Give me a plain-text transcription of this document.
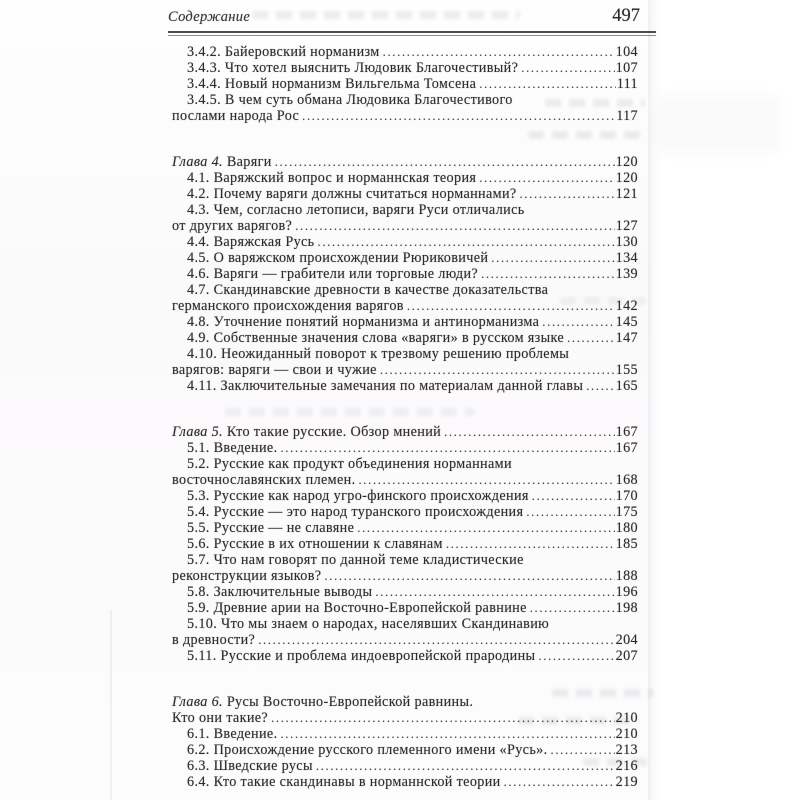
Содержание	497
3.4.2. Байеровский норманизм .....	104
3.4.3. Что хотел выяснить Людовик Благочестивый? .....	107
3.4.4. Новый норманизм Вильгельма Томсена .....	111
3.4.5. В чем суть обмана Людовика Благочестивого
послами народа Рос .....	117
Глава 4. Варяги .....	120
4.1. Варяжский вопрос и норманнская теория .....	120
4.2. Почему варяги должны считаться норманнами? .....	121
4.3. Чем, согласно летописи, варяги Руси отличались
от других варягов? .....	127
4.4. Варяжская Русь .....	130
4.5. О варяжском происхождении Рюриковичей .....	134
4.6. Варяги — грабители или торговые люди? .....	139
4.7. Скандинавские древности в качестве доказательства
германского происхождения варягов .....	142
4.8. Уточнение понятий норманизма и антинорманизма .....	145
4.9. Собственные значения слова «варяги» в русском языке .....	147
4.10. Неожиданный поворот к трезвому решению проблемы
варягов: варяги — свои и чужие .....	155
4.11. Заключительные замечания по материалам данной главы ..... 165
Глава 5. Кто такие русские. Обзор мнений .....	167
5.1. Введение. .....	167
5.2. Русские как продукт объединения норманнами
восточнославянских племен. .....	168
5.3. Русские как народ угро-финского происхождения .....	170
5.4. Русские — это народ туранского происхождения .....	175
5.5. Русские — не славяне .....	180
5.6. Русские в их отношении к славянам .....	185
5.7. Что нам говорят по данной теме кладистические
реконструкции языков? .....	188
5.8. Заключительные выводы .....	196
5.9. Древние арии на Восточно-Европейской равнине .....	198
5.10. Что мы знаем о народах, населявших Скандинавию
в древности? .....	204
5.11. Русские и проблема индоевропейской прародины .....	207
Глава 6. Русы Восточно-Европейской равнины.
Кто они такие? .....	210
6.1. Введение. .....	210
6.2. Происхождение русского племенного имени «Русь». .....	213
6.3. Шведские русы .....	216
6.4. Кто такие скандинавы в норманнской теории .....	219
